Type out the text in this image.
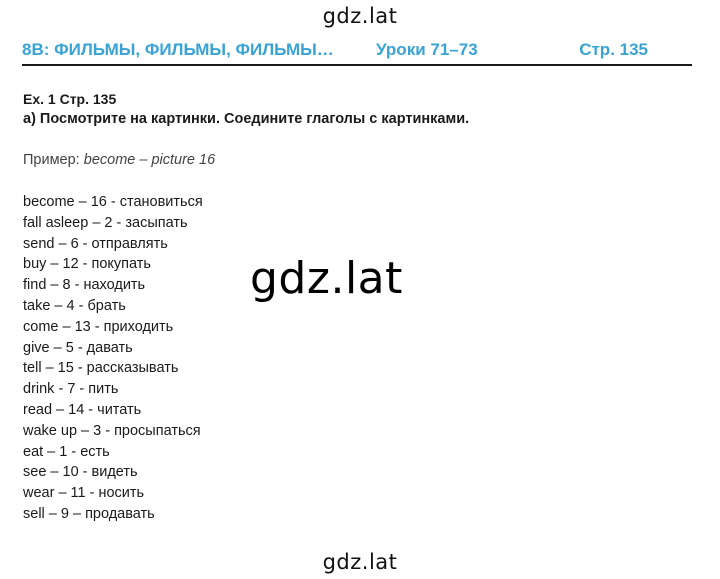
gdz.lat
8B: ФИЛЬМЫ, ФИЛЬМЫ, ФИЛЬМЫ… Уроки 71–73	Стр. 135
Ex. 1 Стр. 135
а) Посмотрите на картинки. Соедините глаголы с картинками.
Пример: become – picture 16
become – 16 - становиться
fall asleep – 2 - засыпать
send – 6 - отправлять
buy – 12 - покупать
find – 8 - находить
take – 4 - брать
come – 13 - приходить
give – 5 - давать
tell – 15 - рассказывать
drink - 7 - пить
read – 14 - читать
wake up – 3 - просыпаться
eat – 1 - есть
see – 10 - видеть
wear – 11 - носить
sell – 9 – продавать
gdz.lat
gdz.lat
